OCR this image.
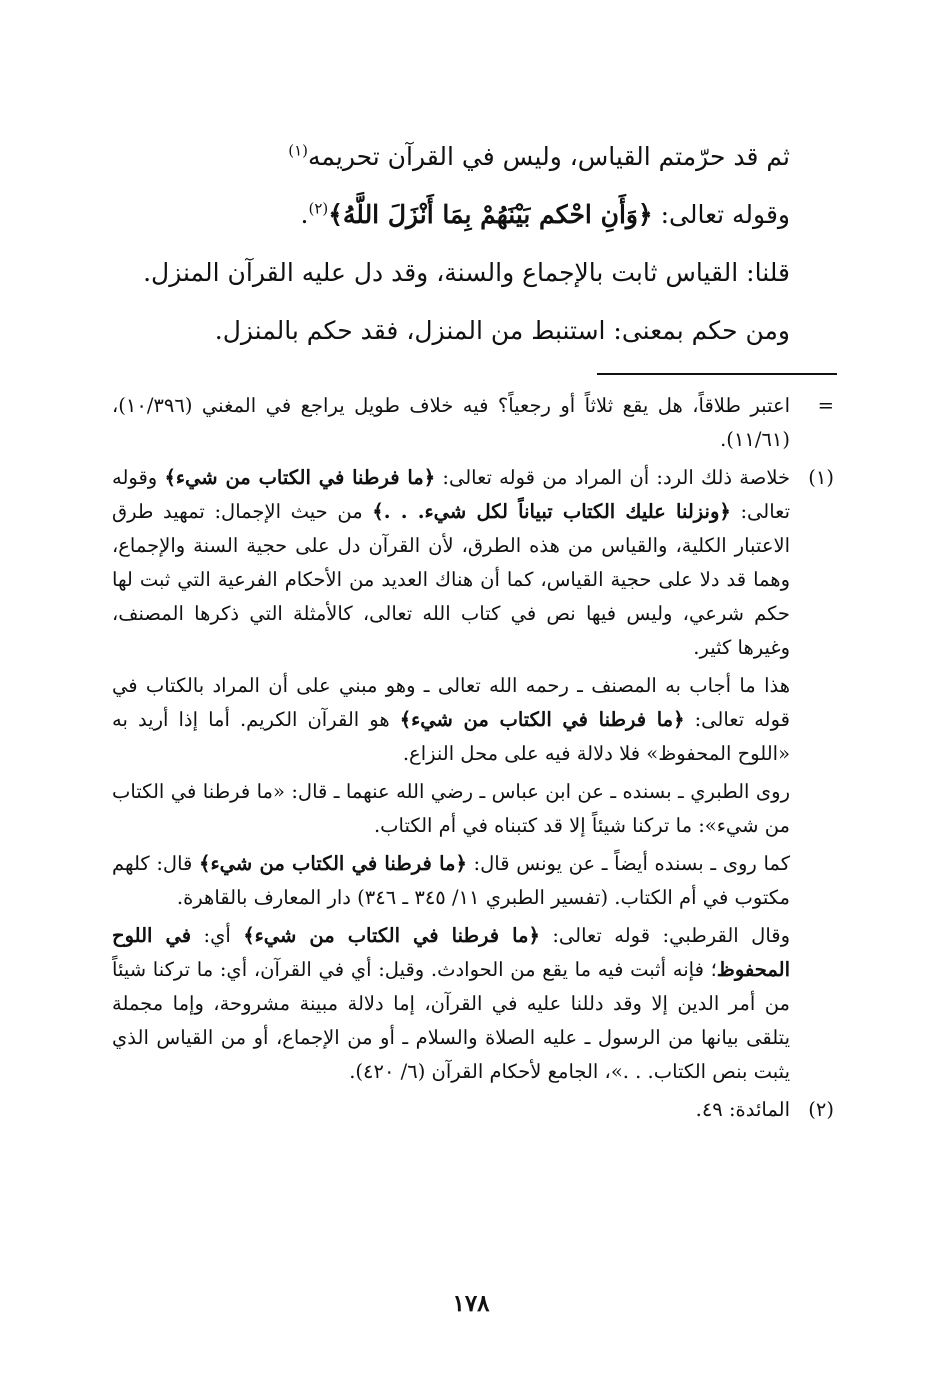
ثم قد حرّمتم القياس، وليس في القرآن تحريمه$^{(١)}$

وقوله تعالى: ﴿وَأَنِ احْكم بَيْنَهُمْ بِمَا أَنْزَلَ اللَّهُ﴾$^{(٢)}$.

قلنا: القياس ثابت بالإجماع والسنة، وقد دل عليه القرآن المنزل.

ومن حكم بمعنى: استنبط من المنزل، فقد حكم بالمنزل.

=

اعتبر طلاقاً، هل يقع ثلاثاً أو رجعياً؟ فيه خلاف طويل يراجع في المغني (١٠/٣٩٦)، (١١/٦١).

(١)

خلاصة ذلك الرد: أن المراد من قوله تعالى: ﴿ما فرطنا في الكتاب من شيء﴾ وقوله تعالى: ﴿ونزلنا عليك الكتاب تبياناً لكل شيء. . .﴾ من حيث الإجمال: تمهيد طرق الاعتبار الكلية، والقياس من هذه الطرق، لأن القرآن دل على حجية السنة والإجماع، وهما قد دلا على حجية القياس، كما أن هناك العديد من الأحكام الفرعية التي ثبت لها حكم شرعي، وليس فيها نص في كتاب الله تعالى، كالأمثلة التي ذكرها المصنف، وغيرها كثير.

هذا ما أجاب به المصنف ـ رحمه الله تعالى ـ وهو مبني على أن المراد بالكتاب في قوله تعالى: ﴿ما فرطنا في الكتاب من شيء﴾ هو القرآن الكريم. أما إذا أريد به «اللوح المحفوظ» فلا دلالة فيه على محل النزاع.

روى الطبري ـ بسنده ـ عن ابن عباس ـ رضي الله عنهما ـ قال: «ما فرطنا في الكتاب من شيء»: ما تركنا شيئاً إلا قد كتبناه في أم الكتاب.

كما روى ـ بسنده أيضاً ـ عن يونس قال: ﴿ما فرطنا في الكتاب من شيء﴾ قال: كلهم مكتوب في أم الكتاب. (تفسير الطبري ١١/ ٣٤٥ ـ ٣٤٦) دار المعارف بالقاهرة.

وقال القرطبي: قوله تعالى: ﴿ما فرطنا في الكتاب من شيء﴾ أي: في اللوح المحفوظ؛ فإنه أثبت فيه ما يقع من الحوادث. وقيل: أي في القرآن، أي: ما تركنا شيئاً من أمر الدين إلا وقد دللنا عليه في القرآن، إما دلالة مبينة مشروحة، وإما مجملة يتلقى بيانها من الرسول ـ عليه الصلاة والسلام ـ أو من الإجماع، أو من القياس الذي يثبت بنص الكتاب. . .»، الجامع لأحكام القرآن (٦/ ٤٢٠).

(٢)

المائدة: ٤٩.

١٧٨
